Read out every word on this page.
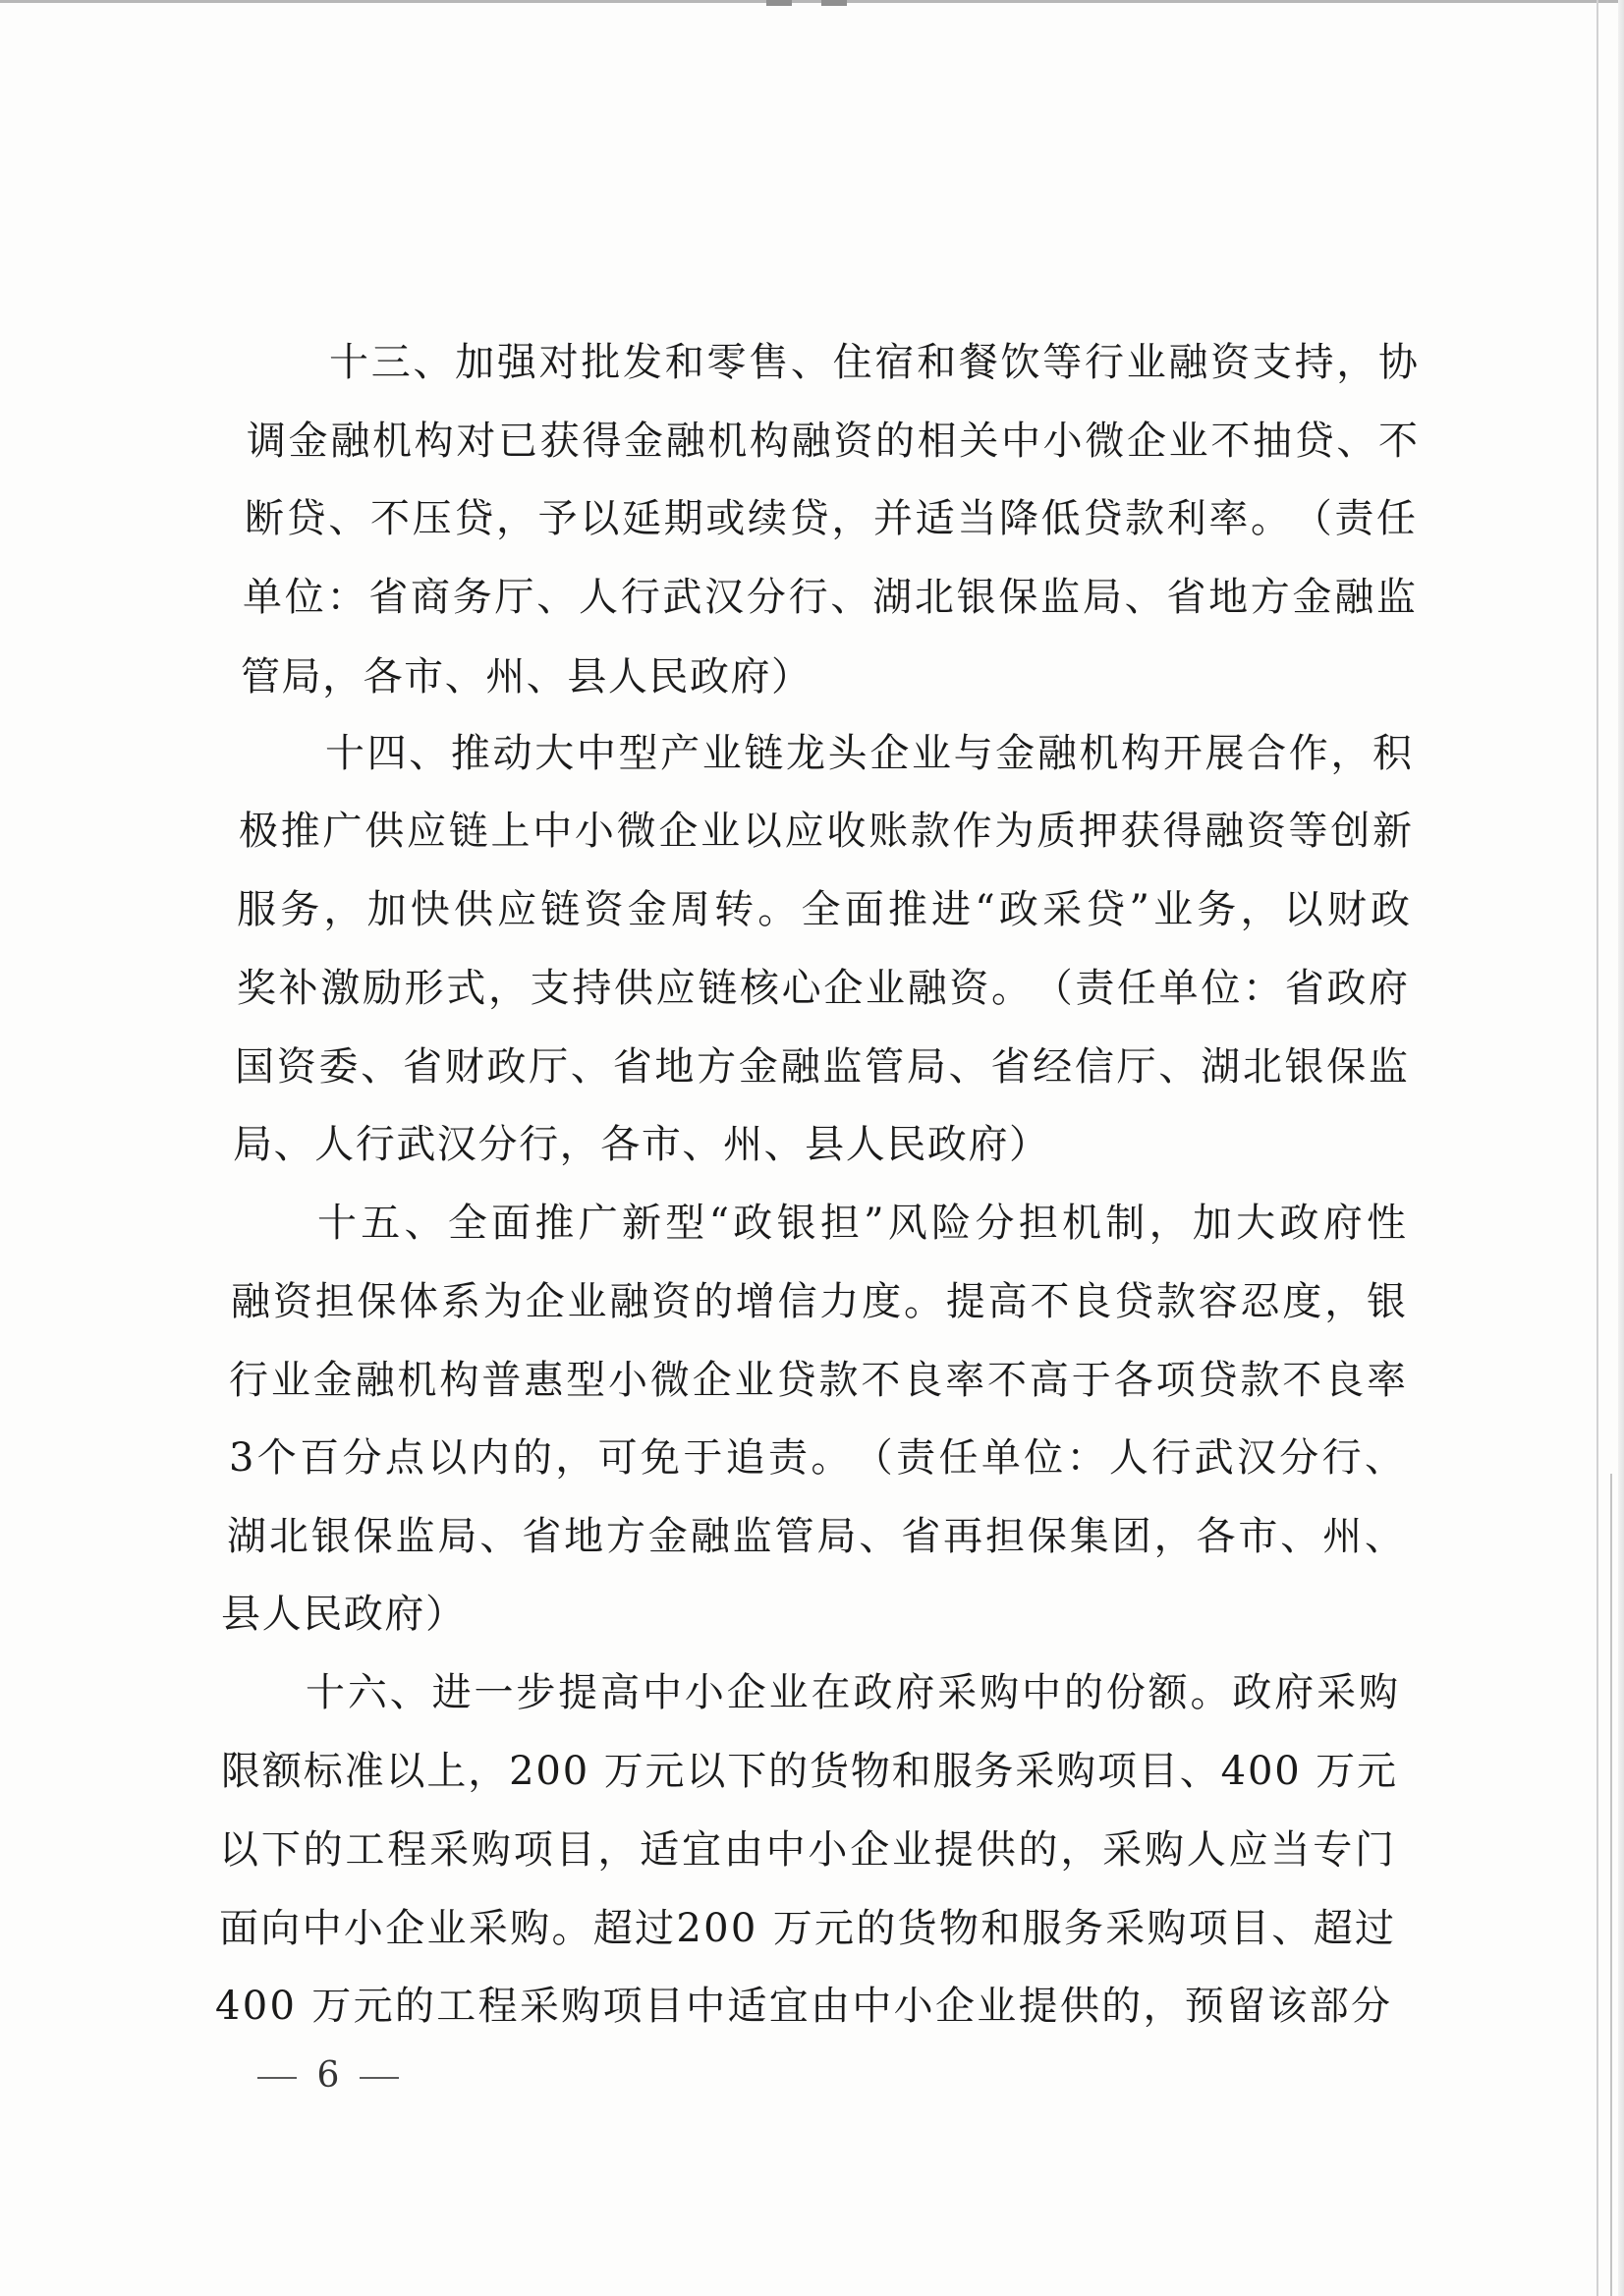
十三、加强对批发和零售、住宿和餐饮等行业融资支持，协
调金融机构对已获得金融机构融资的相关中小微企业不抽贷、不
断贷、不压贷，予以延期或续贷，并适当降低贷款利率。（责任
单位：省商务厅、人行武汉分行、湖北银保监局、省地方金融监
管局，各市、州、县人民政府）
十四、推动大中型产业链龙头企业与金融机构开展合作，积
极推广供应链上中小微企业以应收账款作为质押获得融资等创新
服务，加快供应链资金周转。全面推进“政采贷”业务，以财政
奖补激励形式，支持供应链核心企业融资。（责任单位：省政府
国资委、省财政厅、省地方金融监管局、省经信厅、湖北银保监
局、人行武汉分行，各市、州、县人民政府）
十五、全面推广新型“政银担”风险分担机制，加大政府性
融资担保体系为企业融资的增信力度。提高不良贷款容忍度，银
行业金融机构普惠型小微企业贷款不良率不高于各项贷款不良率
3个百分点以内的，可免于追责。（责任单位：人行武汉分行、
湖北银保监局、省地方金融监管局、省再担保集团，各市、州、
县人民政府）
十六、进一步提高中小企业在政府采购中的份额。政府采购
限额标准以上，200 万元以下的货物和服务采购项目、400 万元
以下的工程采购项目，适宜由中小企业提供的，采购人应当专门
面向中小企业采购。超过200 万元的货物和服务采购项目、超过
400 万元的工程采购项目中适宜由中小企业提供的，预留该部分
6
